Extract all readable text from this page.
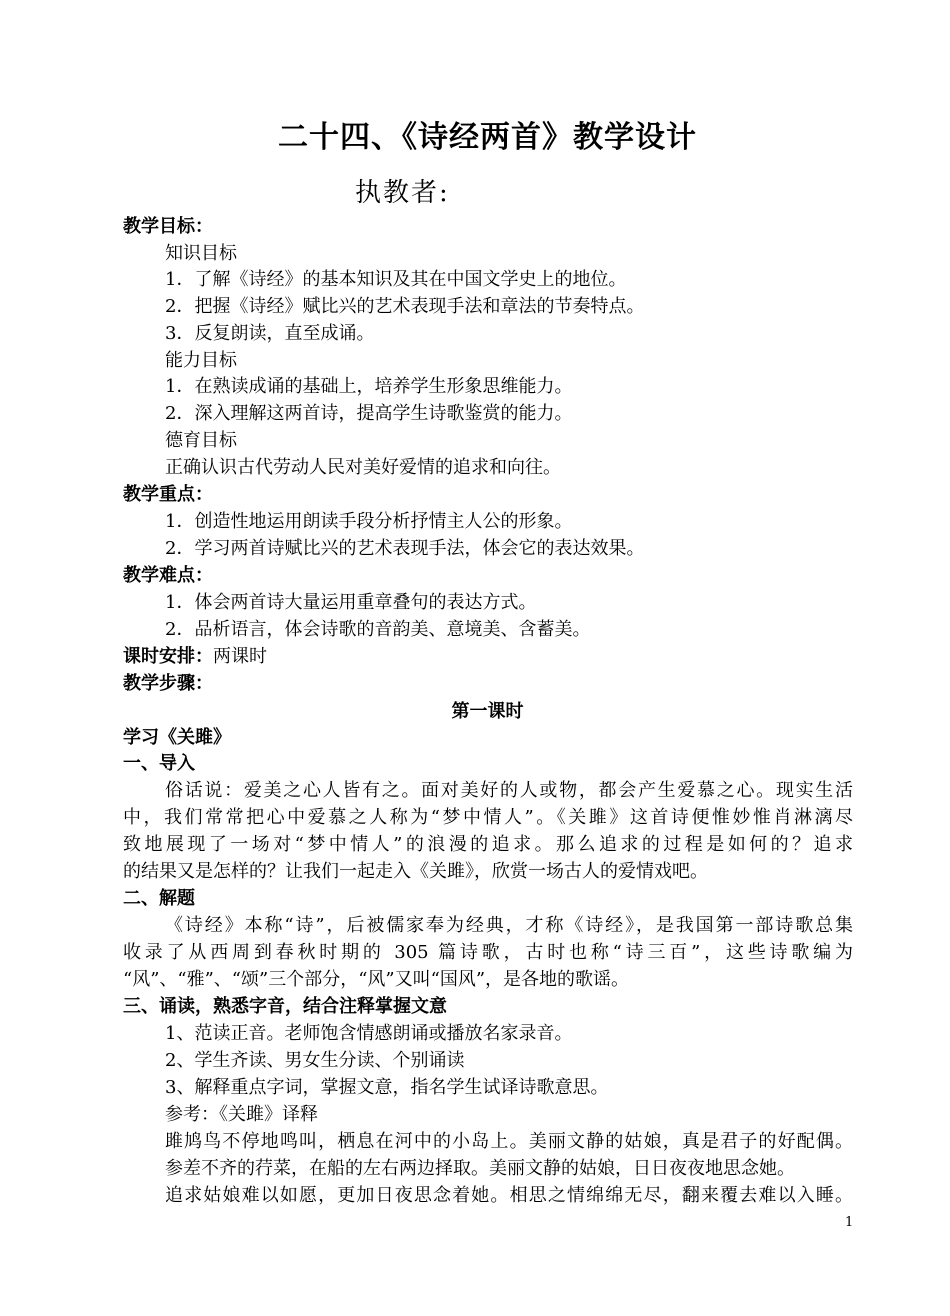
二十四、《诗经两首》教学设计
执教者:
教学目标：
知识目标
1．了解《诗经》的基本知识及其在中国文学史上的地位。
2．把握《诗经》赋比兴的艺术表现手法和章法的节奏特点。
3．反复朗读，直至成诵。
能力目标
1．在熟读成诵的基础上，培养学生形象思维能力。
2．深入理解这两首诗，提高学生诗歌鉴赏的能力。
德育目标
正确认识古代劳动人民对美好爱情的追求和向往。
教学重点：
1．创造性地运用朗读手段分析抒情主人公的形象。
2．学习两首诗赋比兴的艺术表现手法，体会它的表达效果。
教学难点：
1．体会两首诗大量运用重章叠句的表达方式。
2．品析语言，体会诗歌的音韵美、意境美、含蓄美。
课时安排：两课时
教学步骤：
第一课时
学习《关雎》
一、导入
俗话说：爱美之心人皆有之。面对美好的人或物，都会产生爱慕之心。现实生活
中，我们常常把心中爱慕之人称为“梦中情人”。《关雎》这首诗便惟妙惟肖淋漓尽
致地展现了一场对“梦中情人”的浪漫的追求。那么追求的过程是如何的？追求
的结果又是怎样的？让我们一起走入《关雎》，欣赏一场古人的爱情戏吧。
二、解题
《诗经》本称“诗”，后被儒家奉为经典，才称《诗经》，是我国第一部诗歌总集
收录了从西周到春秋时期的 305 篇诗歌，古时也称“诗三百”，这些诗歌编为
“风”、“雅”、“颂”三个部分，“风”又叫“国风”，是各地的歌谣。
三、诵读，熟悉字音，结合注释掌握文意
1、范读正音。老师饱含情感朗诵或播放名家录音。
2、学生齐读、男女生分读、个别诵读
3、解释重点字词，掌握文意，指名学生试译诗歌意思。
参考：《关雎》译释
雎鸠鸟不停地鸣叫，栖息在河中的小岛上。美丽文静的姑娘，真是君子的好配偶。
参差不齐的荇菜，在船的左右两边择取。美丽文静的姑娘，日日夜夜地思念她。
追求姑娘难以如愿，更加日夜思念着她。相思之情绵绵无尽，翻来覆去难以入睡。
1
